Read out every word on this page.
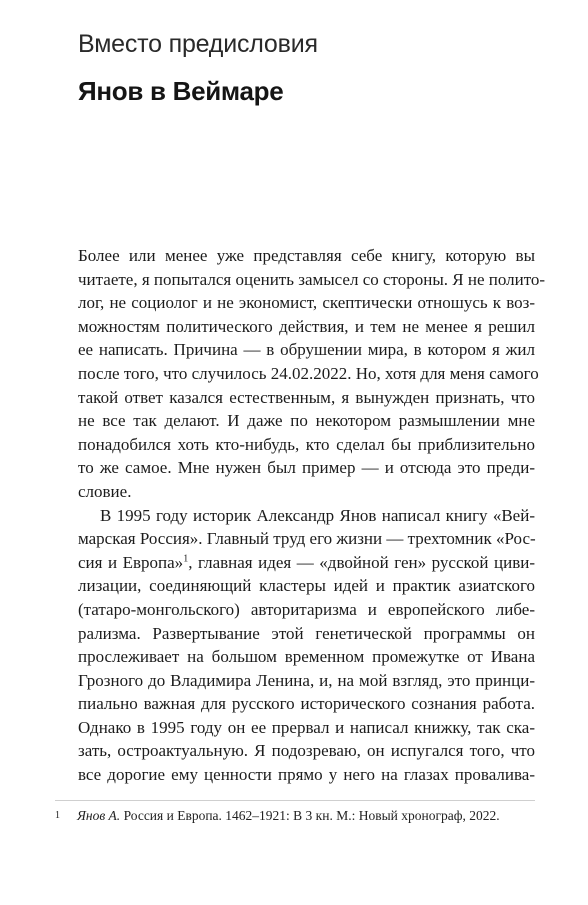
Вместо предисловия
Янов в Веймаре
Более или менее уже представляя себе книгу, которую вы
читаете, я попытался оценить замысел со стороны. Я не полито-
лог, не социолог и не экономист, скептически отношусь к воз-
можностям политического действия, и тем не менее я решил
ее написать. Причина — в обрушении мира, в котором я жил
после того, что случилось 24.02.2022. Но, хотя для меня самого
такой ответ казался естественным, я вынужден признать, что
не все так делают. И даже по некотором размышлении мне
понадобился хоть кто-нибудь, кто сделал бы приблизительно
то же самое. Мне нужен был пример — и отсюда это преди-
словие.
В 1995 году историк Александр Янов написал книгу «Вей-
марская Россия». Главный труд его жизни — трехтомник «Рос-
сия и Европа»$^1$, главная идея — «двойной ген» русской циви-
лизации, соединяющий кластеры идей и практик азиатского
(татаро-монгольского) авторитаризма и европейского либе-
рализма. Развертывание этой генетической программы он
прослеживает на большом временном промежутке от Ивана
Грозного до Владимира Ленина, и, на мой взгляд, это принци-
пиально важная для русского исторического сознания работа.
Однако в 1995 году он ее прервал и написал книжку, так ска-
зать, остроактуальную. Я подозреваю, он испугался того, что
все дорогие ему ценности прямо у него на глазах провалива-
1 Янов А. Россия и Европа. 1462–1921: В 3 кн. М.: Новый хронограф, 2022.
